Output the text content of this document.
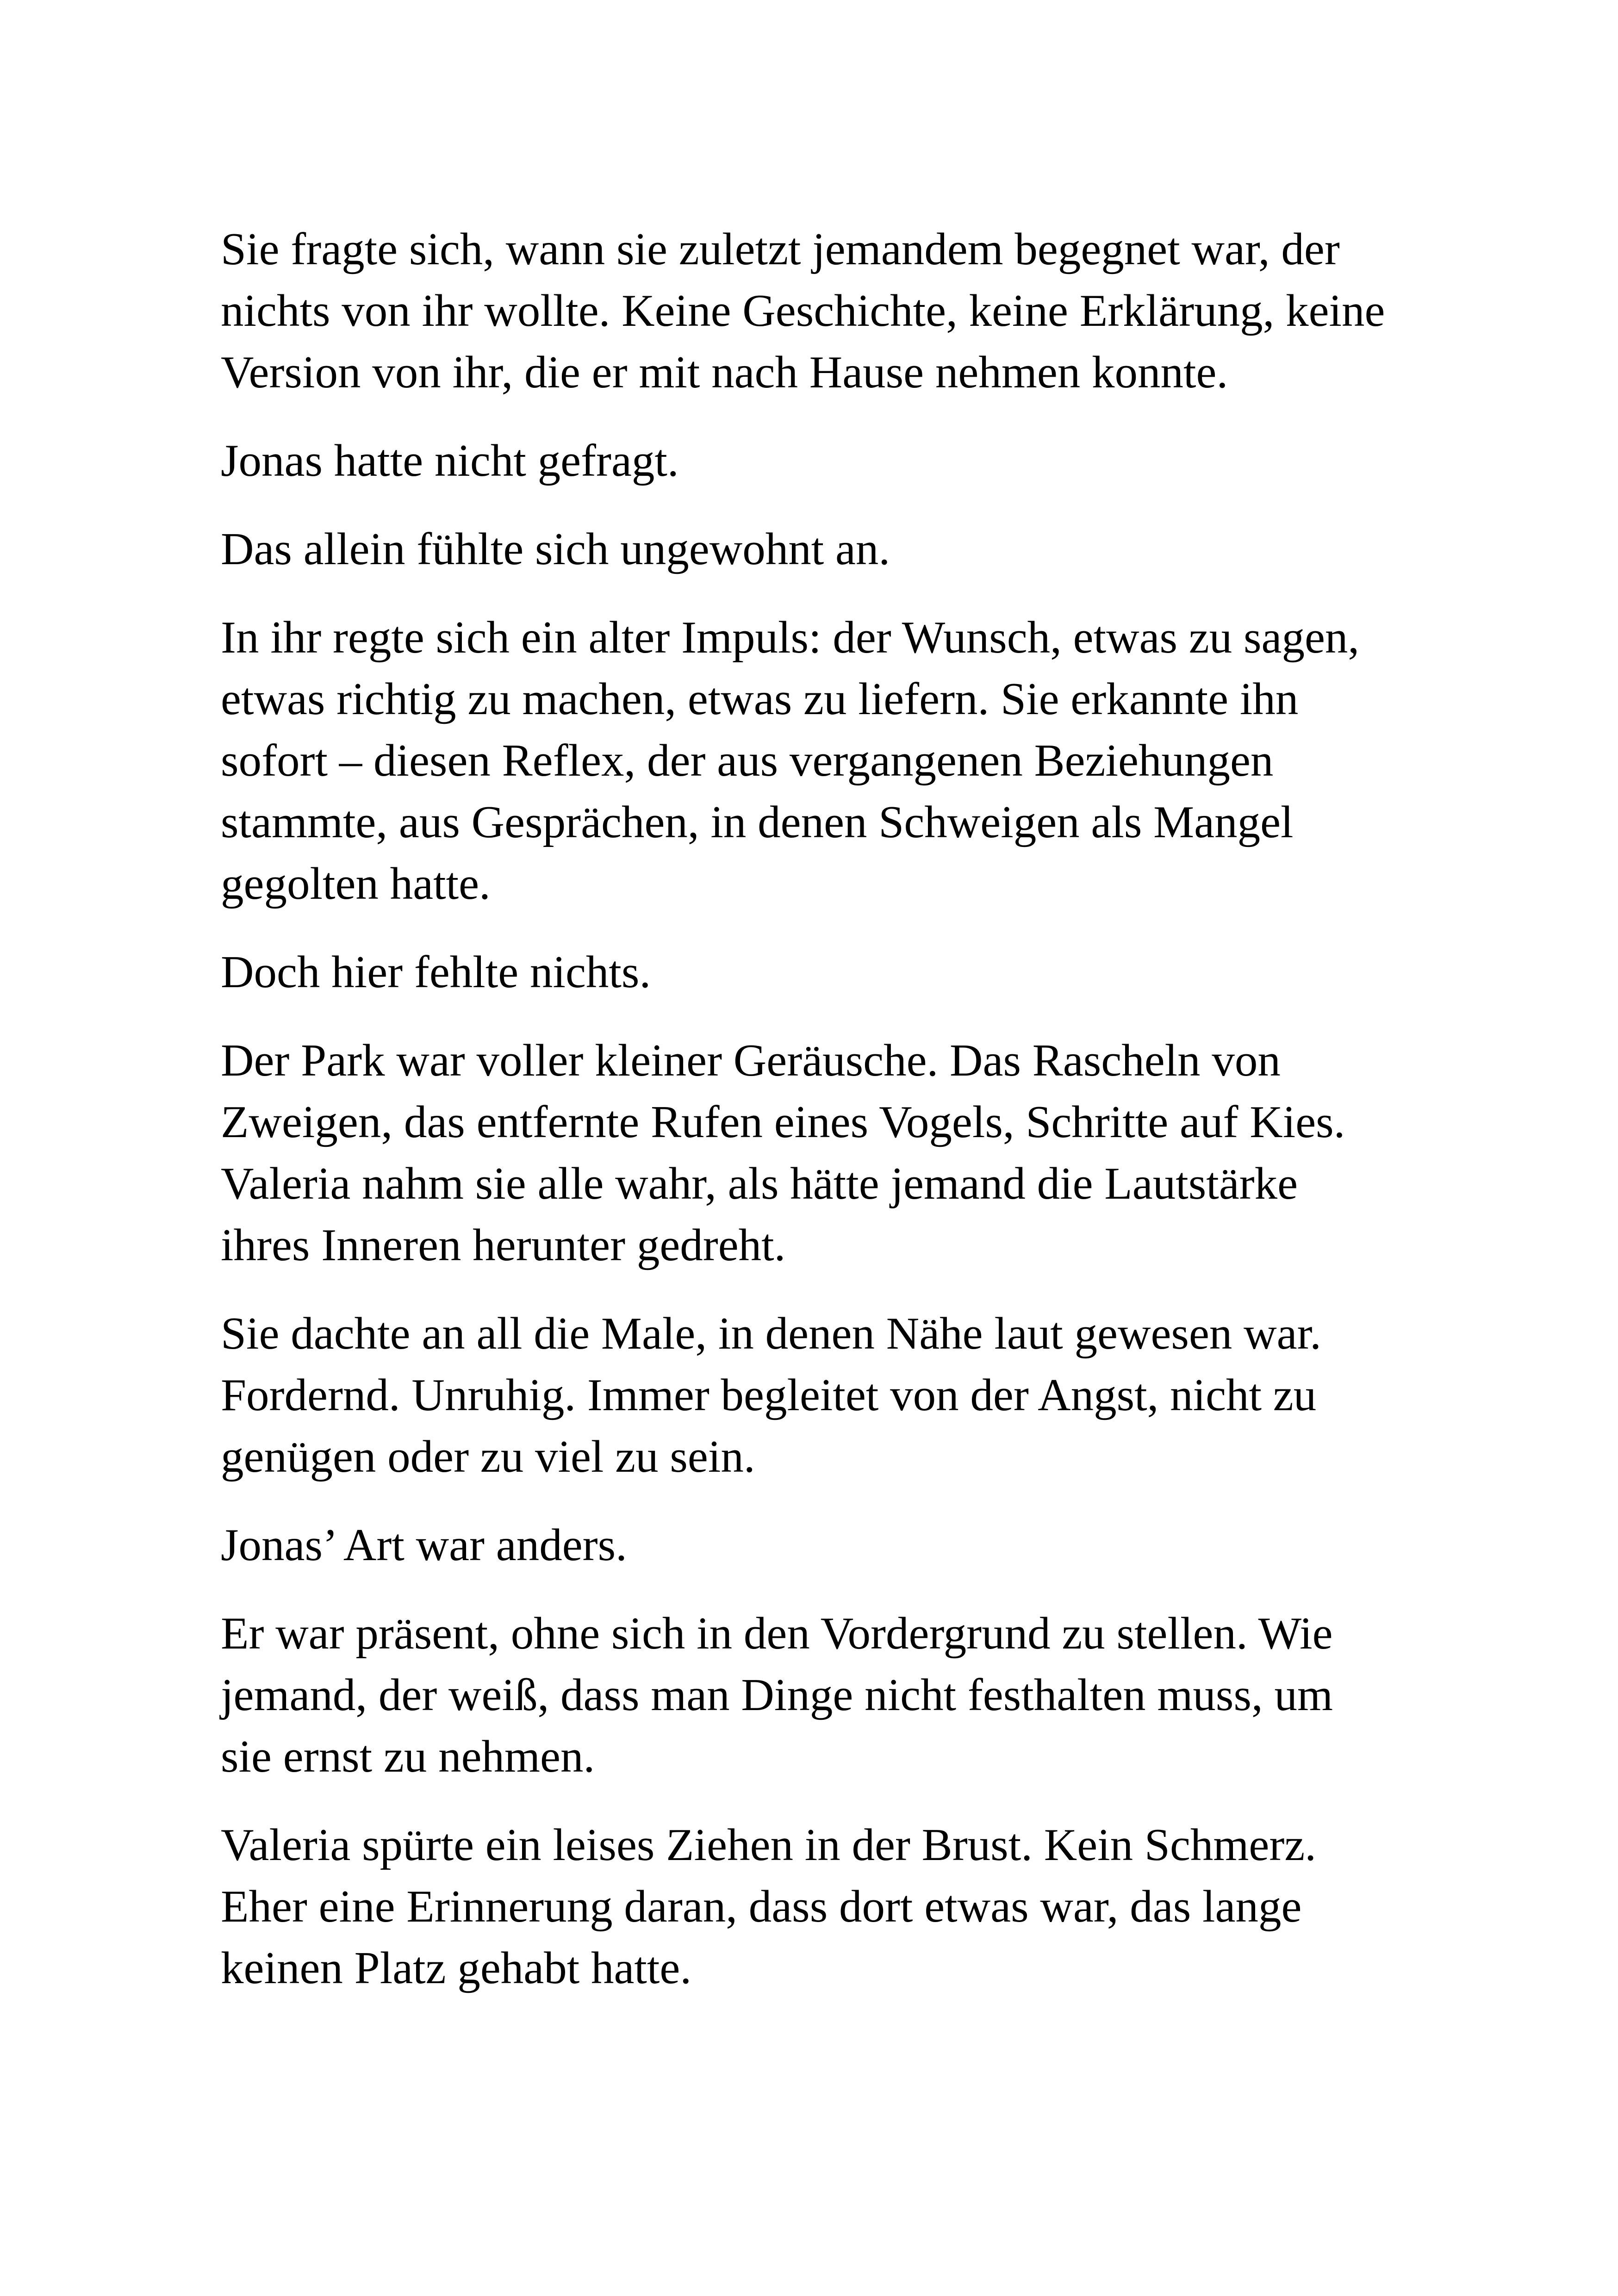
Sie fragte sich, wann sie zuletzt jemandem begegnet war, der
nichts von ihr wollte. Keine Geschichte, keine Erklärung, keine
Version von ihr, die er mit nach Hause nehmen konnte.

Jonas hatte nicht gefragt.

Das allein fühlte sich ungewohnt an.

In ihr regte sich ein alter Impuls: der Wunsch, etwas zu sagen,
etwas richtig zu machen, etwas zu liefern. Sie erkannte ihn
sofort – diesen Reflex, der aus vergangenen Beziehungen
stammte, aus Gesprächen, in denen Schweigen als Mangel
gegolten hatte.

Doch hier fehlte nichts.

Der Park war voller kleiner Geräusche. Das Rascheln von
Zweigen, das entfernte Rufen eines Vogels, Schritte auf Kies.
Valeria nahm sie alle wahr, als hätte jemand die Lautstärke
ihres Inneren herunter gedreht.

Sie dachte an all die Male, in denen Nähe laut gewesen war.
Fordernd. Unruhig. Immer begleitet von der Angst, nicht zu
genügen oder zu viel zu sein.

Jonas’ Art war anders.

Er war präsent, ohne sich in den Vordergrund zu stellen. Wie
jemand, der weiß, dass man Dinge nicht festhalten muss, um
sie ernst zu nehmen.

Valeria spürte ein leises Ziehen in der Brust. Kein Schmerz.
Eher eine Erinnerung daran, dass dort etwas war, das lange
keinen Platz gehabt hatte.
